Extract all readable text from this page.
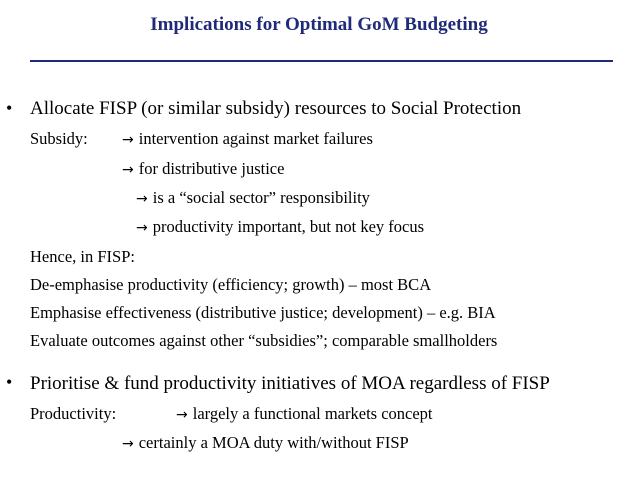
Implications for Optimal GoM Budgeting
• Allocate FISP (or similar subsidy) resources to Social Protection
Subsidy: → intervention against market failures
→ for distributive justice
→ is a “social sector” responsibility
→ productivity important, but not key focus
Hence, in FISP:
De-emphasise productivity (efficiency; growth) – most BCA
Emphasise effectiveness (distributive justice; development) – e.g. BIA
Evaluate outcomes against other “subsidies”; comparable smallholders
• Prioritise & fund productivity initiatives of MOA regardless of FISP
Productivity:	→ largely a functional markets concept
→ certainly a MOA duty with/without FISP
